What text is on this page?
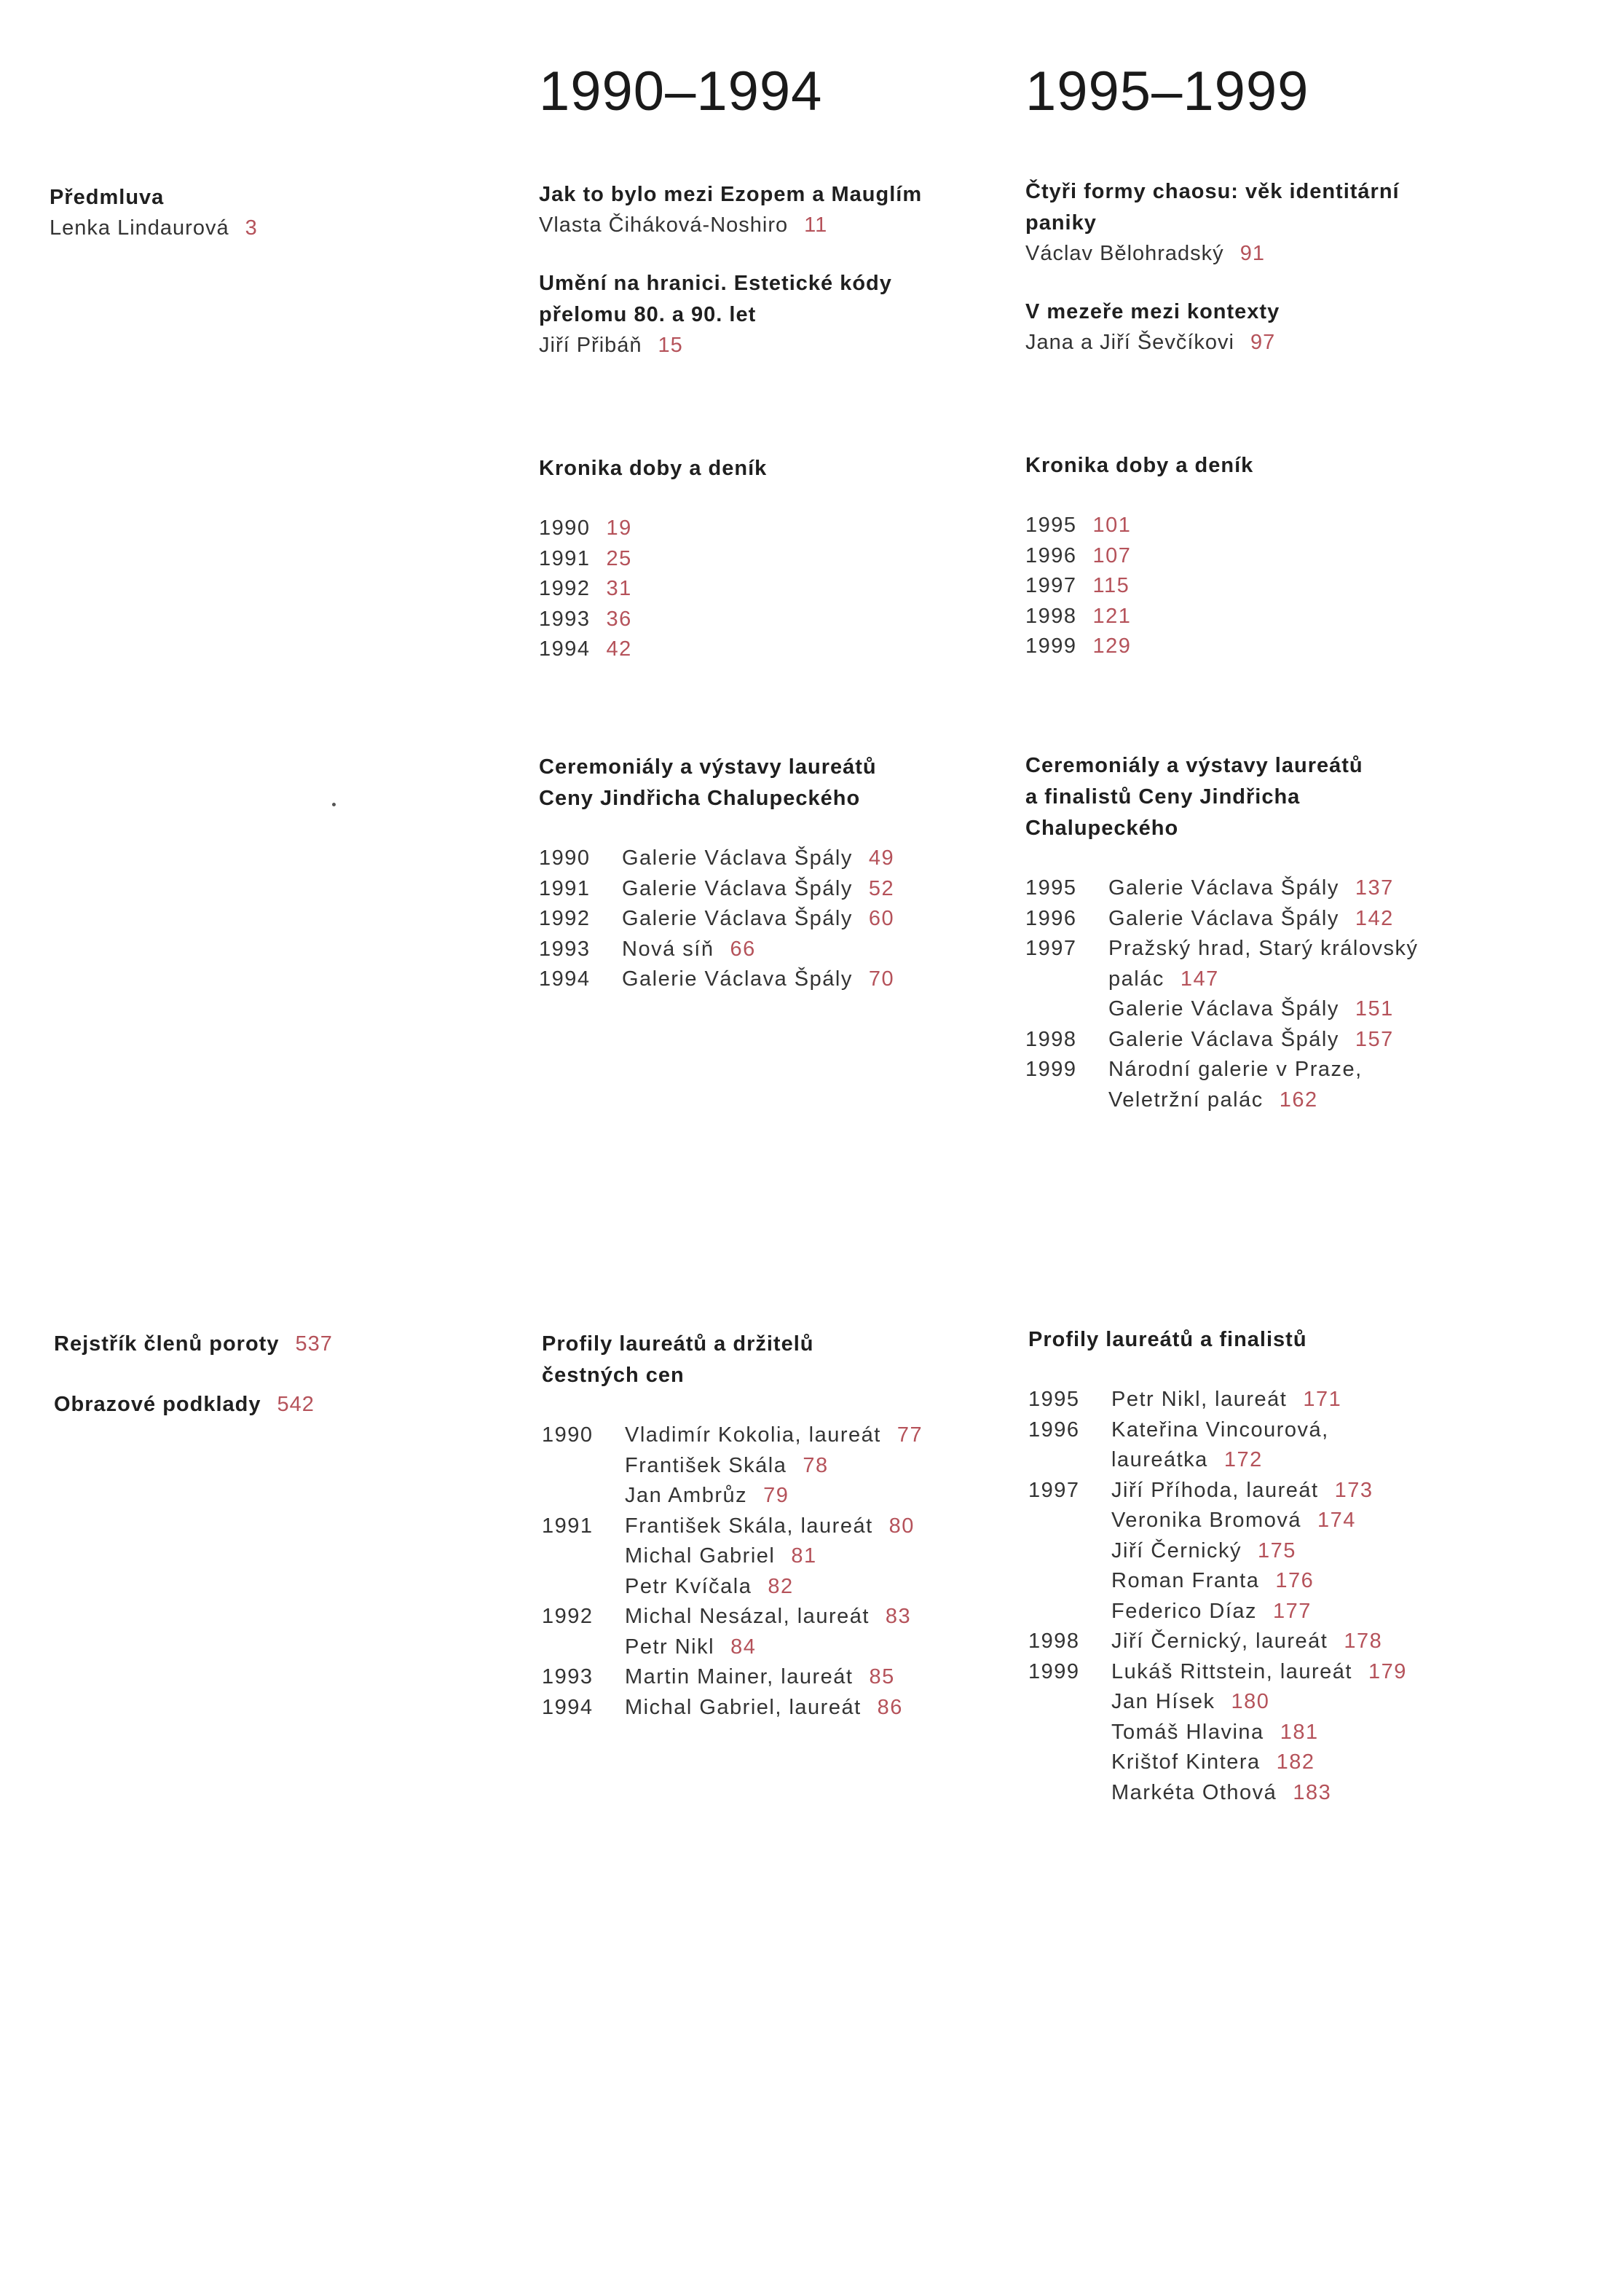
1990–1994	1995–1999
Předmluva
Lenka Lindaurová 3
Jak to bylo mezi Ezopem a Mauglím
Vlasta Čiháková-Noshiro 11
Umění na hranici. Estetické kódy
přelomu 80. a 90. let
Jiří Přibáň 15
Čtyři formy chaosu: věk identitární
paniky
Václav Bělohradský 91
V mezeře mezi kontexty
Jana a Jiří Ševčíkovi 97
Kronika doby a deník
1990 19
1991 25
1992 31
1993 36
1994 42
Kronika doby a deník
1995 101
1996 107
1997 115
1998 121
1999 129
Ceremoniály a výstavy laureátů
Ceny Jindřicha Chalupeckého
1990	Galerie Václava Špály 49
1991	Galerie Václava Špály 52
1992	Galerie Václava Špály 60
1993	Nová síň 66
1994	Galerie Václava Špály 70
Ceremoniály a výstavy laureátů
a finalistů Ceny Jindřicha
Chalupeckého
1995	Galerie Václava Špály 137
1996	Galerie Václava Špály 142
1997	Pražský hrad, Starý královský palác 147
Galerie Václava Špály 151
1998	Galerie Václava Špály 157
1999	Národní galerie v Praze, Veletržní palác 162
Rejstřík členů poroty 537
Obrazové podklady 542
Profily laureátů a držitelů
čestných cen
1990	Vladimír Kokolia, laureát 77
František Skála 78
Jan Ambrůz 79
1991	František Skála, laureát 80
Michal Gabriel 81
Petr Kvíčala 82
1992	Michal Nesázal, laureát 83
Petr Nikl 84
1993	Martin Mainer, laureát 85
1994	Michal Gabriel, laureát 86
Profily laureátů a finalistů
1995	Petr Nikl, laureát 171
1996	Kateřina Vincourová, laureátka 172
1997	Jiří Příhoda, laureát 173
Veronika Bromová 174
Jiří Černický 175
Roman Franta 176
Federico Díaz 177
1998	Jiří Černický, laureát 178
1999	Lukáš Rittstein, laureát 179
Jan Hísek 180
Tomáš Hlavina 181
Krištof Kintera 182
Markéta Othová 183
